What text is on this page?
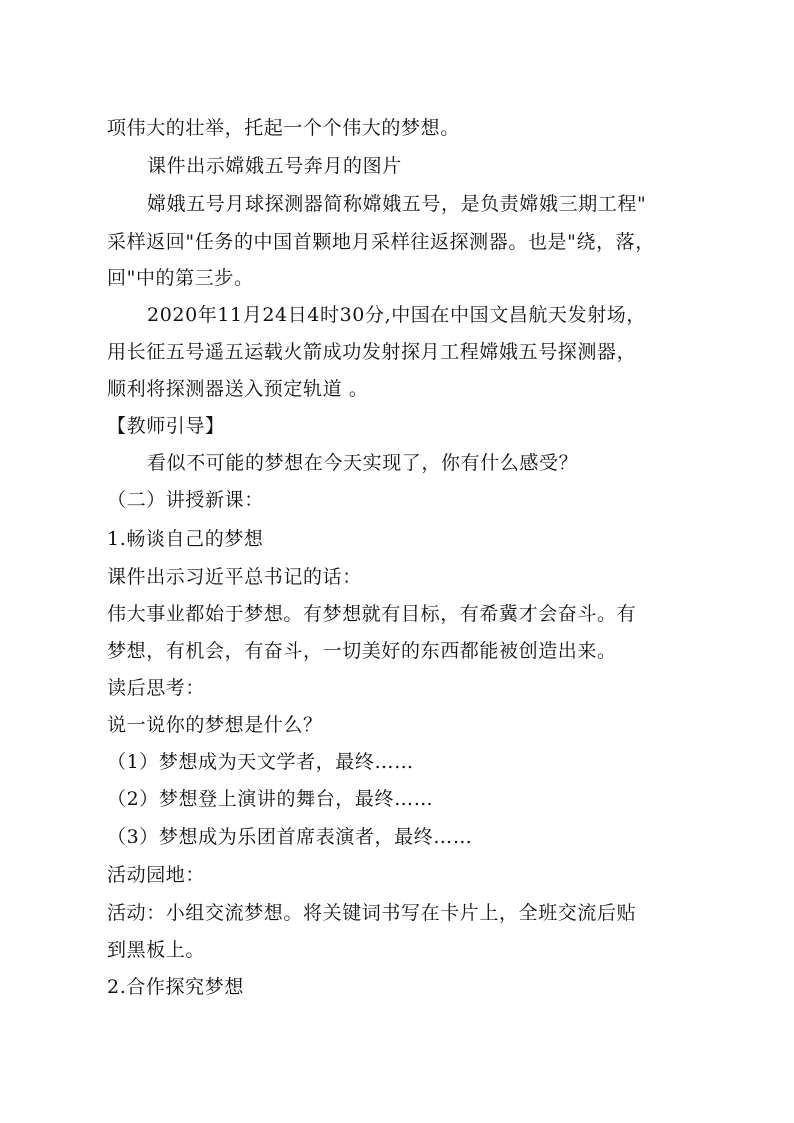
项伟大的壮举，托起一个个伟大的梦想。
课件出示嫦娥五号奔月的图片
嫦娥五号月球探测器简称嫦娥五号，是负责嫦娥三期工程"
采样返回"任务的中国首颗地月采样往返探测器。也是"绕，落，
回"中的第三步。
2020年11月24日4时30分,中国在中国文昌航天发射场，
用长征五号遥五运载火箭成功发射探月工程嫦娥五号探测器，
顺利将探测器送入预定轨道 。
【教师引导】
看似不可能的梦想在今天实现了，你有什么感受？
（二）讲授新课：
1.畅谈自己的梦想
课件出示习近平总书记的话：
伟大事业都始于梦想。有梦想就有目标，有希冀才会奋斗。有
梦想，有机会，有奋斗，一切美好的东西都能被创造出来。
读后思考：
说一说你的梦想是什么？
（1）梦想成为天文学者，最终……
（2）梦想登上演讲的舞台，最终……
（3）梦想成为乐团首席表演者，最终……
活动园地：
活动：小组交流梦想。将关键词书写在卡片上，全班交流后贴
到黑板上。
2.合作探究梦想
